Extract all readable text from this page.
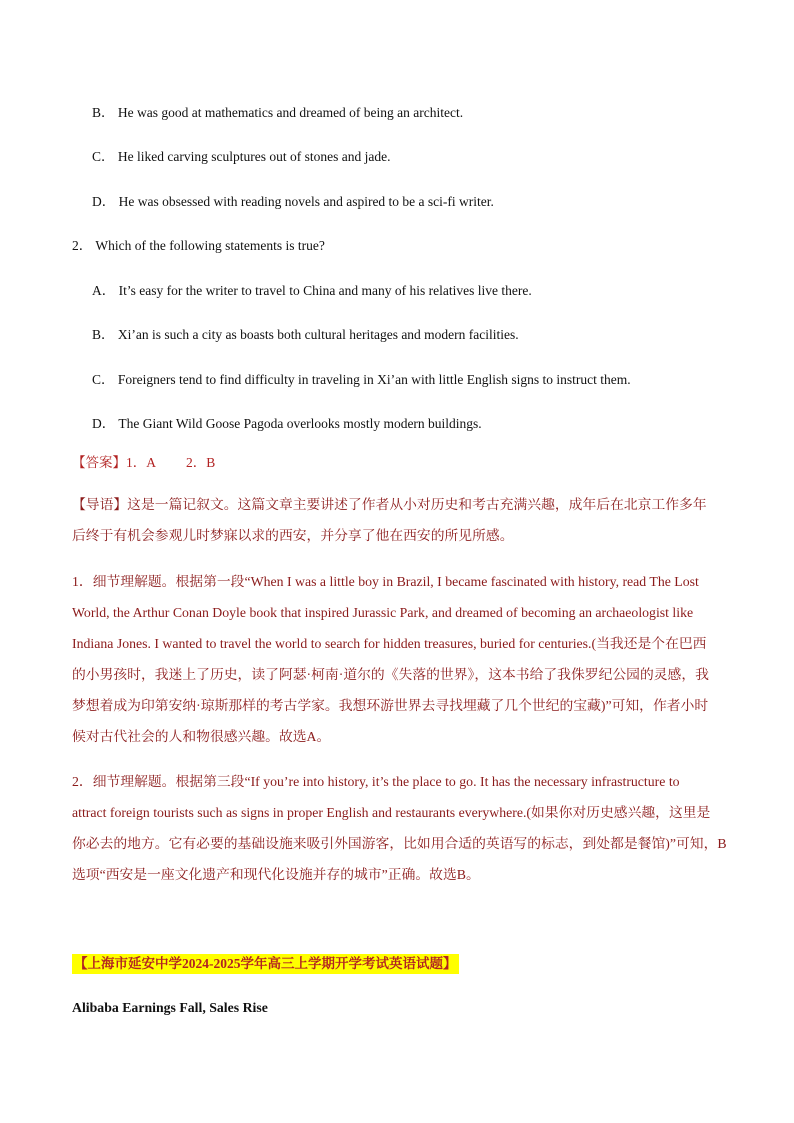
B． He was good at mathematics and dreamed of being an architect.
C． He liked carving sculptures out of stones and jade.
D． He was obsessed with reading novels and aspired to be a sci-fi writer.
2． Which of the following statements is true?
A． It’s easy for the writer to travel to China and many of his relatives live there.
B． Xi’an is such a city as boasts both cultural heritages and modern facilities.
C． Foreigners tend to find difficulty in traveling in Xi’an with little English signs to instruct them.
D． The Giant Wild Goose Pagoda overlooks mostly modern buildings.
【答案】1．A 2．B
【导语】这是一篇记叙文。这篇文章主要讲述了作者从小对历史和考古充满兴趣，成年后在北京工作多年
后终于有机会参观儿时梦寐以求的西安，并分享了他在西安的所见所感。
1．细节理解题。根据第一段“When I was a little boy in Brazil, I became fascinated with history, read The Lost
World, the Arthur Conan Doyle book that inspired Jurassic Park, and dreamed of becoming an archaeologist like
Indiana Jones. I wanted to travel the world to search for hidden treasures, buried for centuries.(当我还是个在巴西
的小男孩时，我迷上了历史，读了阿瑟·柯南·道尔的《失落的世界》，这本书给了我侏罗纪公园的灵感，我
梦想着成为印第安纳·琼斯那样的考古学家。我想环游世界去寻找埋藏了几个世纪的宝藏)”可知，作者小时
候对古代社会的人和物很感兴趣。故选A。
2．细节理解题。根据第三段“If you’re into history, it’s the place to go. It has the necessary infrastructure to
attract foreign tourists such as signs in proper English and restaurants everywhere.(如果你对历史感兴趣，这里是
你必去的地方。它有必要的基础设施来吸引外国游客，比如用合适的英语写的标志，到处都是餐馆)”可知，B
选项“西安是一座文化遗产和现代化设施并存的城市”正确。故选B。
【上海市延安中学2024-2025学年高三上学期开学考试英语试题】
Alibaba Earnings Fall, Sales Rise
